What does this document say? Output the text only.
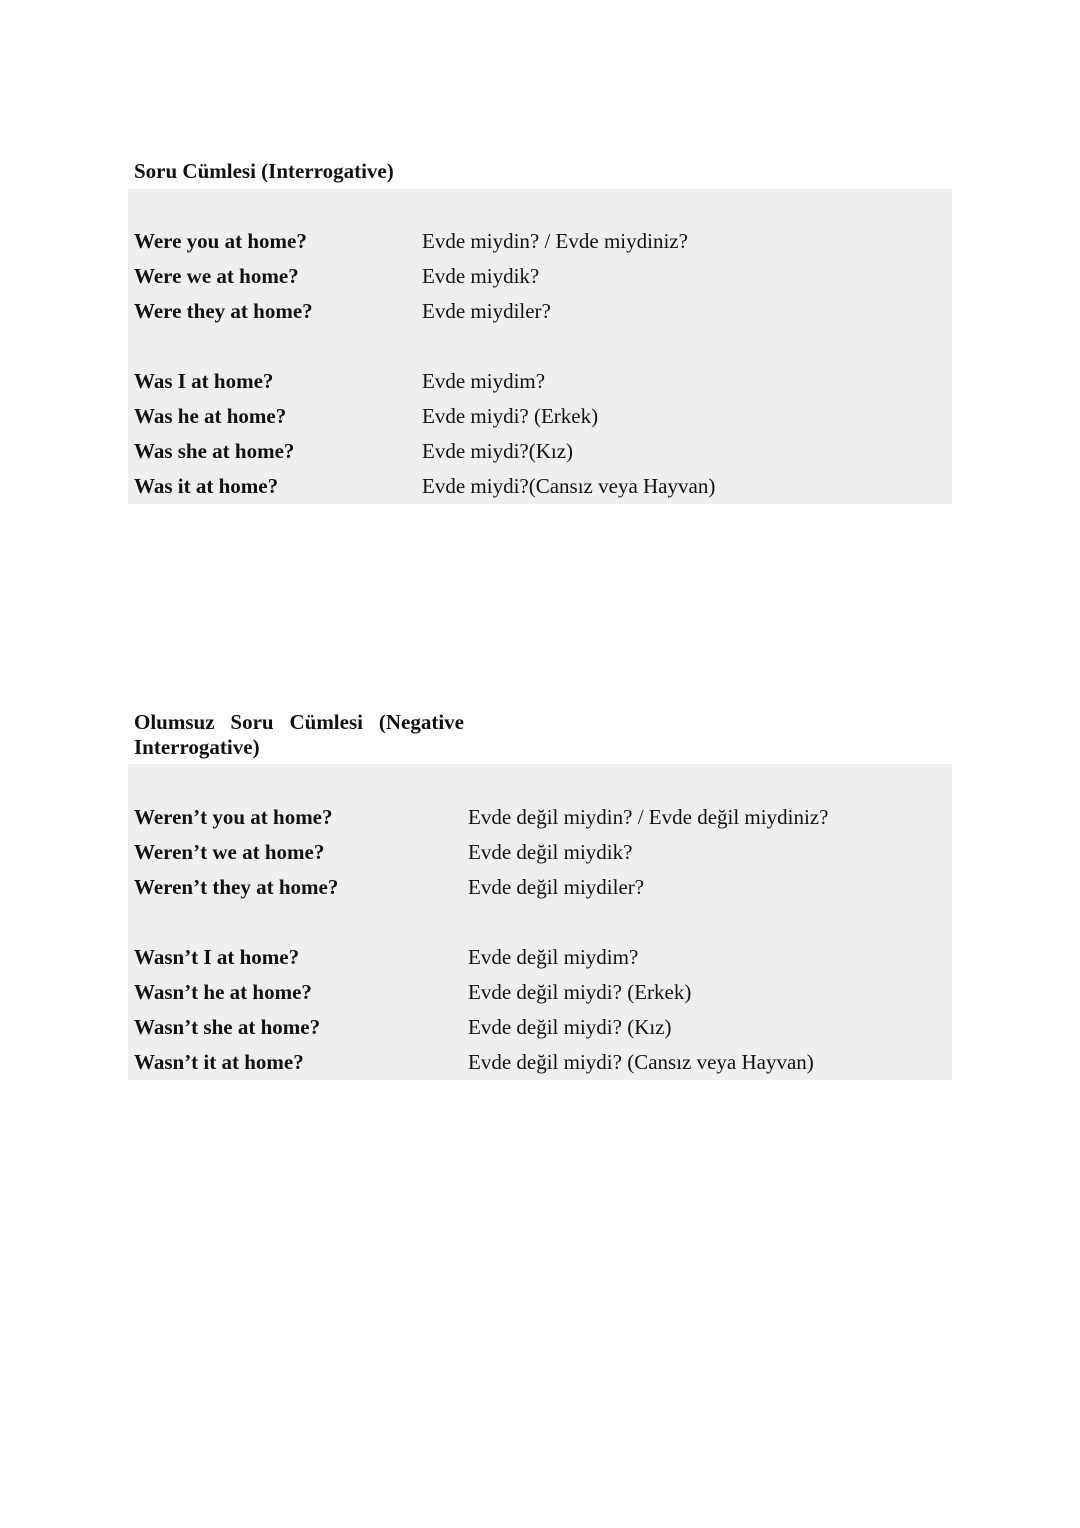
Soru Cümlesi (Interrogative)
Were you at home?	Evde miydin? / Evde miydiniz?
Were we at home?	Evde miydik?
Were they at home?	Evde miydiler?
Was I at home?	Evde miydim?
Was he at home?	Evde miydi? (Erkek)
Was she at home?	Evde miydi?(Kız)
Was it at home?	Evde miydi?(Cansız veya Hayvan)
Olumsuz Soru Cümlesi (Negative Interrogative)
Weren’t you at home?	Evde değil miydin? / Evde değil miydiniz?
Weren’t we at home?	Evde değil miydik?
Weren’t they at home?	Evde değil miydiler?
Wasn’t I at home?	Evde değil miydim?
Wasn’t he at home?	Evde değil miydi? (Erkek)
Wasn’t she at home?	Evde değil miydi? (Kız)
Wasn’t it at home?	Evde değil miydi? (Cansız veya Hayvan)
